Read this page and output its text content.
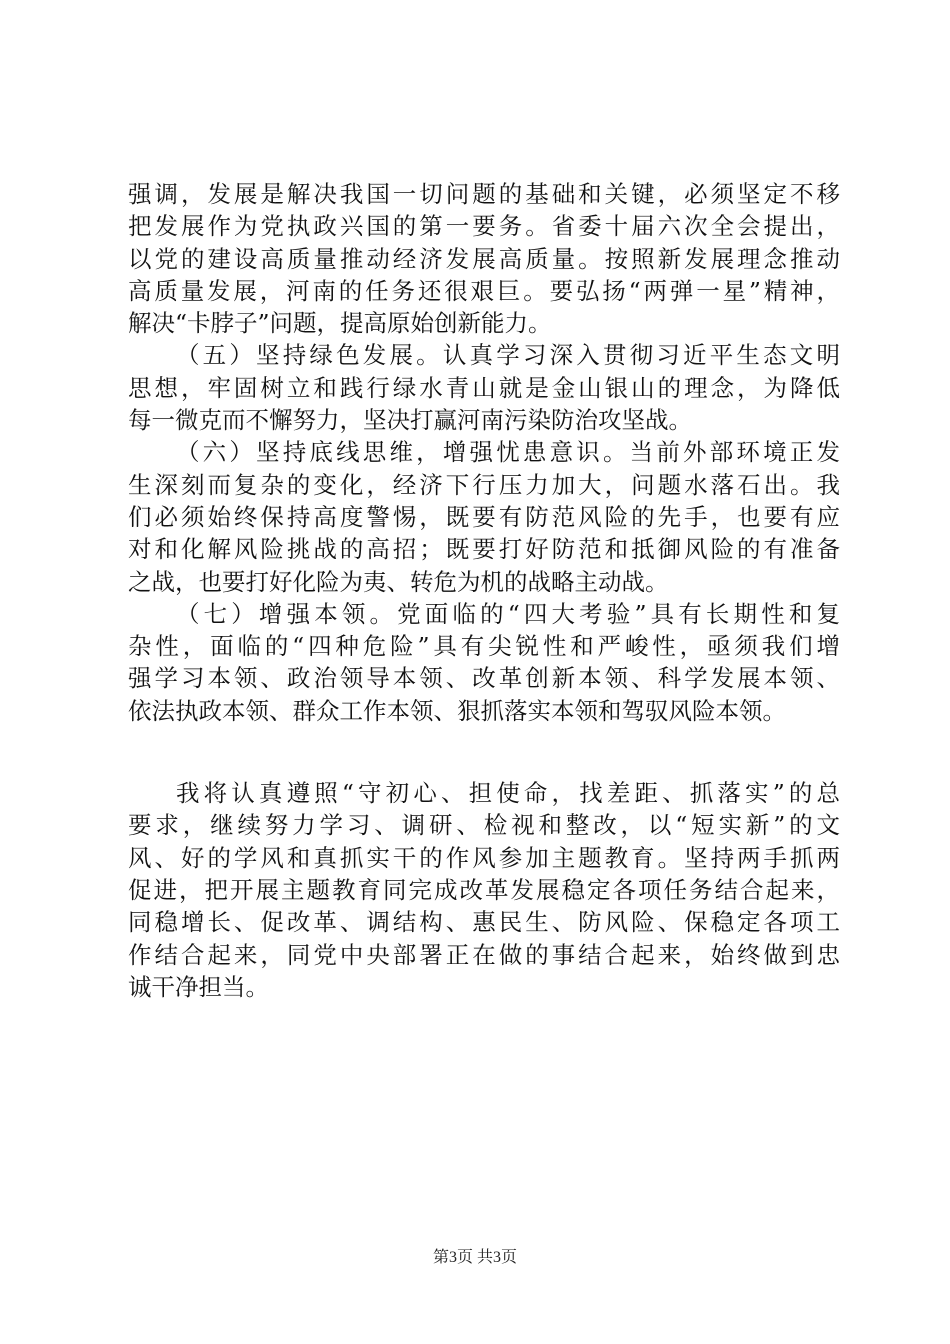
强调，发展是解决我国一切问题的基础和关键，必须坚定不移
把发展作为党执政兴国的第一要务。省委十届六次全会提出，
以党的建设高质量推动经济发展高质量。按照新发展理念推动
高质量发展，河南的任务还很艰巨。要弘扬“两弹一星”精神，
解决“卡脖子”问题，提高原始创新能力。
（五）坚持绿色发展。认真学习深入贯彻习近平生态文明
思想，牢固树立和践行绿水青山就是金山银山的理念，为降低
每一微克而不懈努力，坚决打赢河南污染防治攻坚战。
（六）坚持底线思维，增强忧患意识。当前外部环境正发
生深刻而复杂的变化，经济下行压力加大，问题水落石出。我
们必须始终保持高度警惕，既要有防范风险的先手，也要有应
对和化解风险挑战的高招；既要打好防范和抵御风险的有准备
之战，也要打好化险为夷、转危为机的战略主动战。
（七）增强本领。党面临的“四大考验”具有长期性和复
杂性，面临的“四种危险”具有尖锐性和严峻性，亟须我们增
强学习本领、政治领导本领、改革创新本领、科学发展本领、
依法执政本领、群众工作本领、狠抓落实本领和驾驭风险本领。
我将认真遵照“守初心、担使命，找差距、抓落实”的总
要求，继续努力学习、调研、检视和整改，以“短实新”的文
风、好的学风和真抓实干的作风参加主题教育。坚持两手抓两
促进，把开展主题教育同完成改革发展稳定各项任务结合起来，
同稳增长、促改革、调结构、惠民生、防风险、保稳定各项工
作结合起来，同党中央部署正在做的事结合起来，始终做到忠
诚干净担当。
第3页 共3页
